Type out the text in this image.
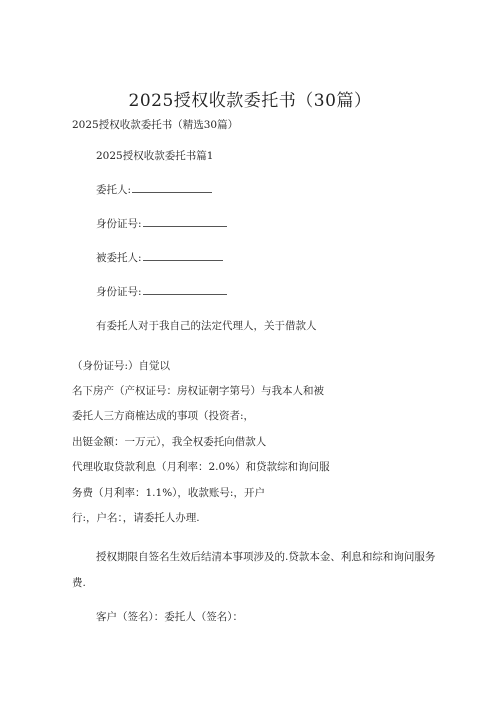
2025授权收款委托书（30篇）
2025授权收款委托书（精选30篇）
2025授权收款委托书篇1
委托人:
身份证号:
被委托人:
身份证号:
有委托人对于我自己的法定代理人，关于借款人
（身份证号:）自觉以
名下房产（产权证号：房权证朝字第号）与我本人和被
委托人三方商榷达成的事项（投资者:，
出铤金额：一万元），我全权委托向借款人
代理收取贷款利息（月利率：2.0%）和贷款综和询问服
务费（月利率：1.1%），收款账号:，开户
行:，户名：，请委托人办理.
授权期限自签名生效后结清本事项涉及的.贷款本金、利息和综和询问服务
费.
客户（签名）：委托人（签名）：
